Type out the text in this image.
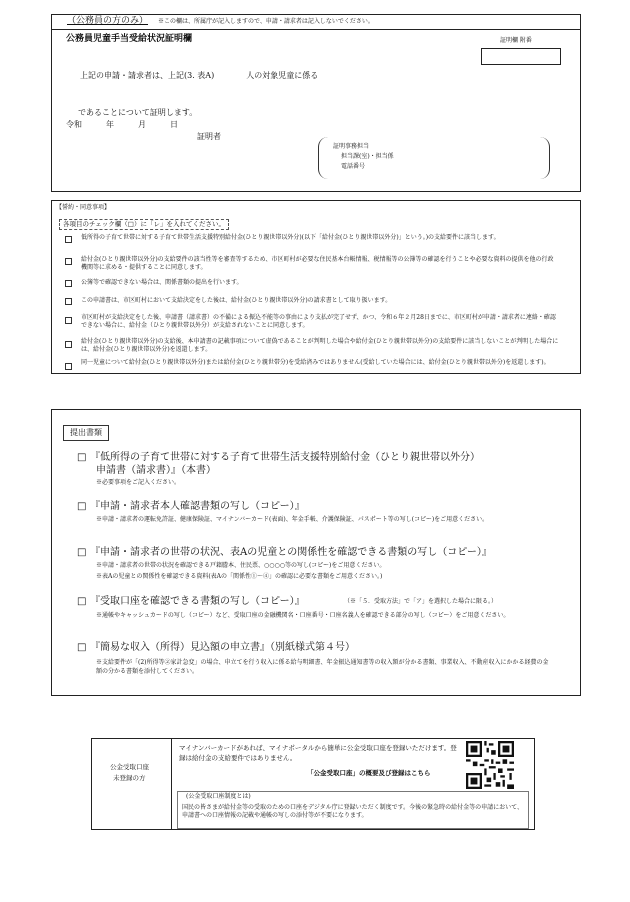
（公務員の方のみ） ※この欄は、所属庁が記入しますので、申請・請求者は記入しないでください。
公務員児童手当受給状況証明欄	証明欄 附番
上記の申請・請求者は、上記(3. 表A)　　　　人の対象児童に係る
であることについて証明します。
令和　　　年　　　月　　　日
証明者
証明事務担当
担当課(室)・担当係
電話番号
【誓約・同意事項】
各項目のチェック欄（□）に「レ」を入れてください。
低所得の子育て世帯に対する子育て世帯生活支援特別給付金(ひとり親世帯以外分)(以下「給付金(ひとり親世帯以外分)」という。)の支給要件に該当します。
給付金(ひとり親世帯以外分)の支給要件の該当性等を審査等するため、市区町村が必要な住民基本台帳情報、税情報等の公簿等の確認を行うことや必要な資料の提供を他の行政機関等に求める・提供することに同意します。
公簿等で確認できない場合は、関係書類の提出を行います。
この申請書は、市区町村において支給決定をした後は、給付金(ひとり親世帯以外分)の請求書として取り扱います。
市区町村が支給決定をした後、申請書（請求書）の不備による振込不能等の事由により支払が完了せず、かつ、令和６年２月28日までに、市区町村が申請・請求者に連絡・確認できない場合に、給付金（ひとり親世帯以外分）が支給されないことに同意します。
給付金(ひとり親世帯以外分)の支給後、本申請書の記載事項について虚偽であることが判明した場合や給付金(ひとり親世帯以外分)の支給要件に該当しないことが判明した場合には、給付金(ひとり親世帯以外分)を返還します。
同一児童について給付金(ひとり親世帯以外分)または給付金(ひとり親世帯分)を受給済みではありません(受給していた場合には、給付金(ひとり親世帯以外分)を返還します)。
提出書類
□ 『低所得の子育て世帯に対する子育て世帯生活支援特別給付金（ひとり親世帯以外分）
申請書（請求書）』（本書）
※必要事項をご記入ください。
□ 『申請・請求者本人確認書類の写し（コピー）』
※申請・請求者の運転免許証、健康保険証、マイナンバーカード(表面)、年金手帳、介護保険証、パスポート等の写し(コピー)をご用意ください。
□ 『申請・請求者の世帯の状況、表Aの児童との関係性を確認できる書類の写し（コピー）』
※申請・請求者の世帯の状況を確認できる戸籍謄本、住民票、○○○○等の写し(コピー)をご用意ください。
※表Aの児童との関係性を確認できる資料(表Aの「関係性①～④」の確認に必要な書類をご用意ください。)
□ 『受取口座を確認できる書類の写し（コピー）』	（※「５．受取方法」で「ア」を選択した場合に限る。）
※通帳やキャッシュカードの写し（コピー）など、受取口座の金融機関名・口座番号・口座名義人を確認できる部分の写し（コピー）をご用意ください。
□ 『簡易な収入（所得）見込額の申立書』（別紙様式第４号）
※支給要件が「(2)所得等②家計急変」の場合、申立てを行う収入に係る給与明細書、年金振込通知書等の収入額が分かる書類、事業収入、不動産収入にかかる経費の金額の分かる書類を添付してください。
公金受取口座
未登録の方
マイナンバーカードがあれば、マイナポータルから簡単に公金受取口座を登録いただけます。登録は給付金の支給要件ではありません。
「公金受取口座」の概要及び登録はこちら
(公金受取口座制度とは)
国民の皆さまが給付金等の受取のための口座をデジタル庁に登録いただく制度です。今後の緊急時の給付金等の申請において、申請書への口座情報の記載や通帳の写しの添付等が不要になります。
